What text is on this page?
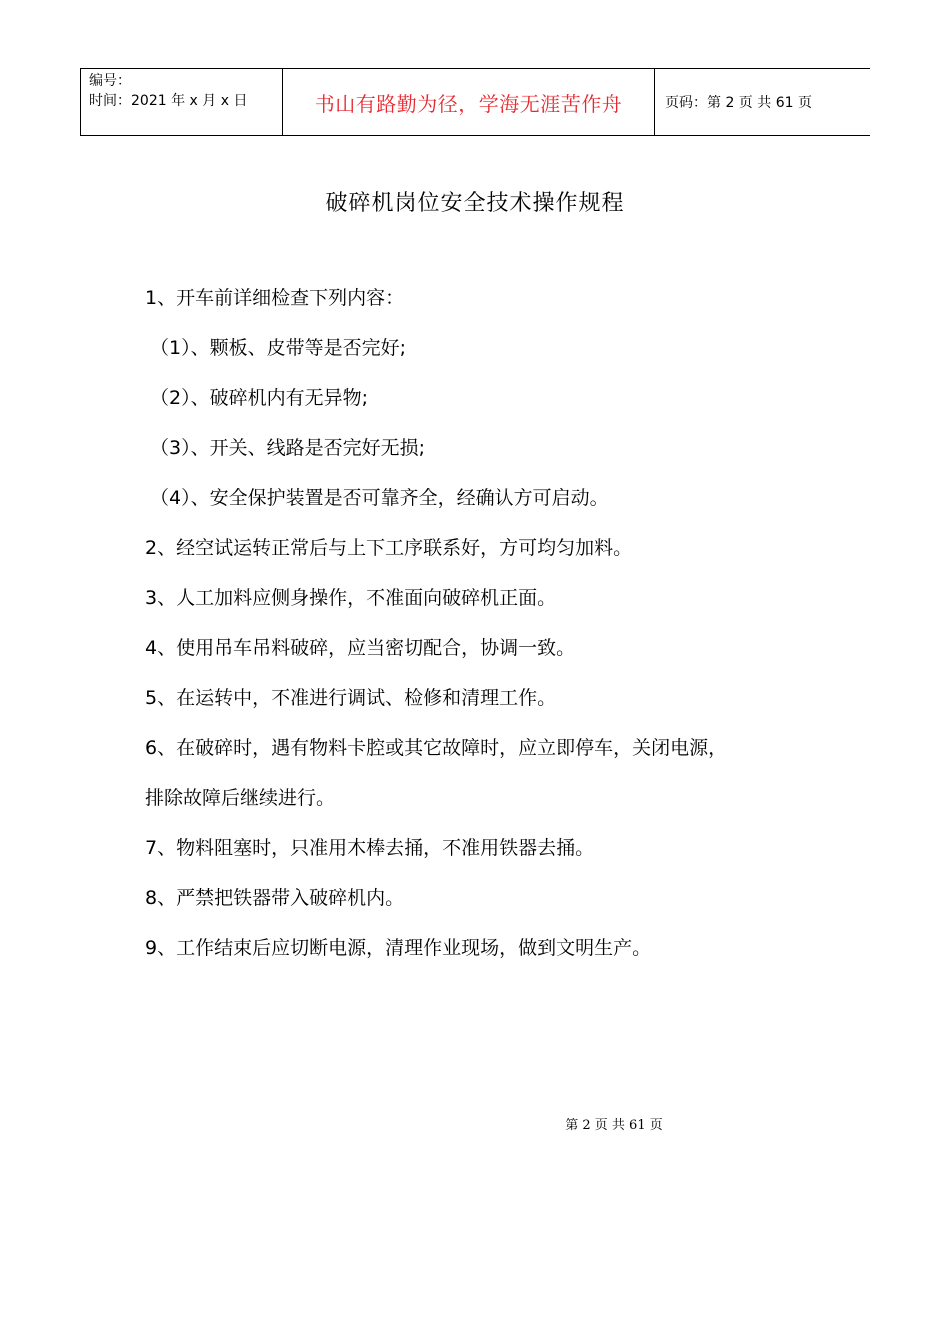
编号：
时间：2021 年 x 月 x 日	书山有路勤为径，学海无涯苦作舟	页码：第 2 页 共 61 页
破碎机岗位安全技术操作规程
1、开车前详细检查下列内容：
（1）、颗板、皮带等是否完好;
（2）、破碎机内有无异物;
（3）、开关、线路是否完好无损;
（4）、安全保护装置是否可靠齐全，经确认方可启动。
2、经空试运转正常后与上下工序联系好，方可均匀加料。
3、人工加料应侧身操作，不准面向破碎机正面。
4、使用吊车吊料破碎，应当密切配合，协调一致。
5、在运转中，不准进行调试、检修和清理工作。
6、在破碎时，遇有物料卡腔或其它故障时，应立即停车，关闭电源，
排除故障后继续进行。
7、物料阻塞时，只准用木棒去捅，不准用铁器去捅。
8、严禁把铁器带入破碎机内。
9、工作结束后应切断电源，清理作业现场，做到文明生产。
第 2 页 共 61 页
